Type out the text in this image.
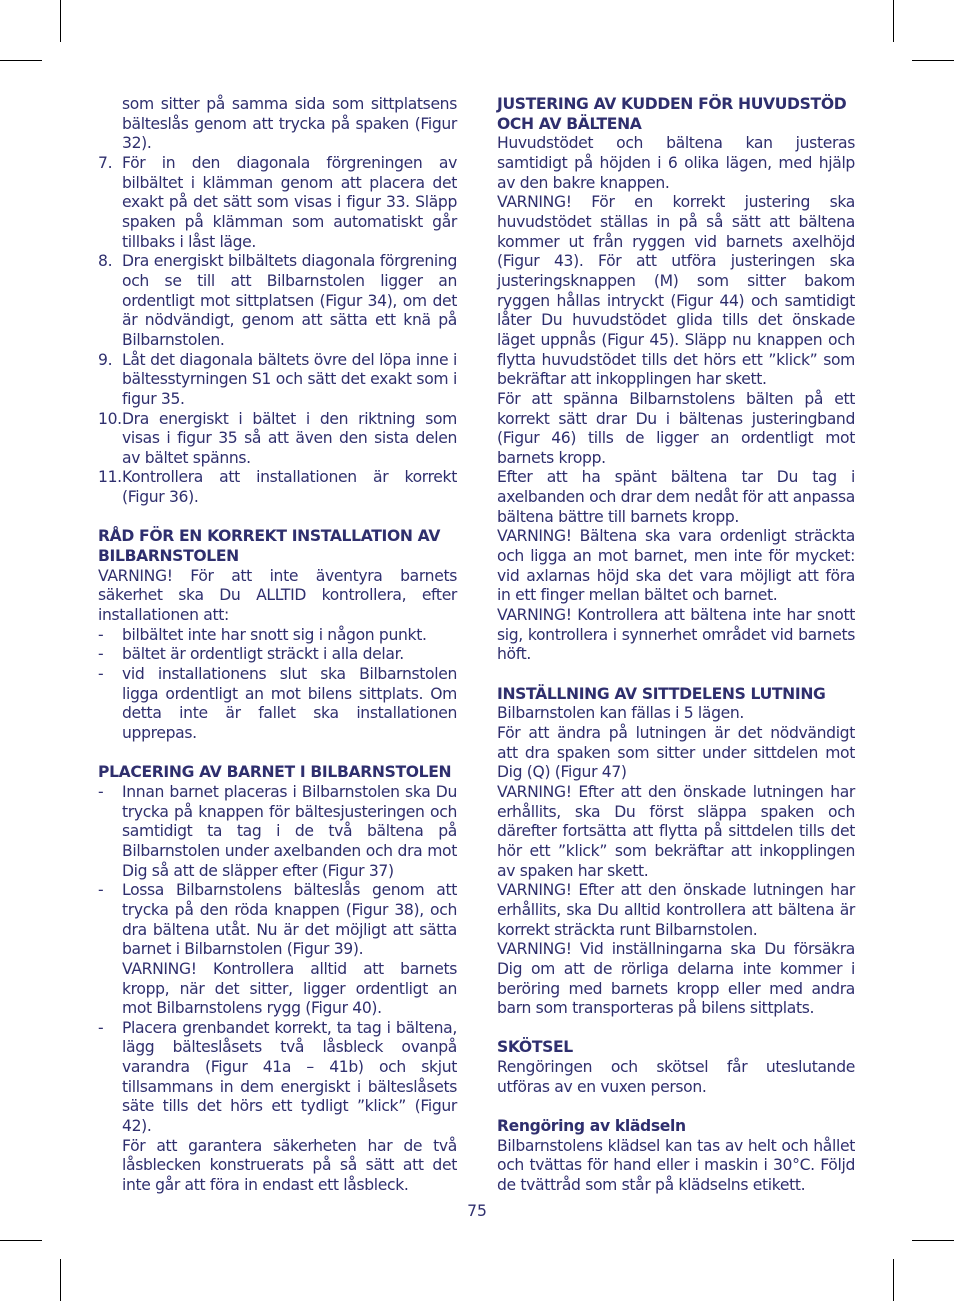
som sitter på samma sida som sittplatsens bälteslås genom att trycka på spaken (Figur 32).

7. För in den diagonala förgreningen av bilbältet i klämman genom att placera det exakt på det sätt som visas i figur 33. Släpp spaken på klämman som automatiskt går tillbaks i låst läge.
8. Dra energiskt bilbältets diagonala förgrening och se till att Bilbarnstolen ligger an ordentligt mot sittplatsen (Figur 34), om det är nödvändigt, genom att sätta ett knä på Bilbarnstolen.
9. Låt det diagonala bältets övre del löpa inne i bältesstyrningen S1 och sätt det exakt som i figur 35.
10. Dra energiskt i bältet i den riktning som visas i figur 35 så att även den sista delen av bältet spänns.
11. Kontrollera att installationen är korrekt (Figur 36).

RÅD FÖR EN KORREKT INSTALLATION AV BILBARNSTOLEN

VARNING! För att inte äventyra barnets säkerhet ska Du ALLTID kontrollera, efter installationen att:

-	bilbältet inte har snott sig i någon punkt.
-	bältet är ordentligt sträckt i alla delar.
-	vid installationens slut ska Bilbarnstolen ligga ordentligt an mot bilens sittplats. Om detta inte är fallet ska installationen upprepas.

PLACERING AV BARNET I BILBARNSTOLEN

-	Innan barnet placeras i Bilbarnstolen ska Du trycka på knappen för bältesjusteringen och samtidigt ta tag i de två bältena på Bilbarnstolen under axelbanden och dra mot Dig så att de släpper efter (Figur 37)
-	Lossa Bilbarnstolens bälteslås genom att trycka på den röda knappen (Figur 38), och dra bältena utåt. Nu är det möjligt att sätta barnet i Bilbarnstolen (Figur 39).
VARNING! Kontrollera alltid att barnets kropp, när det sitter, ligger ordentligt an mot Bilbarnstolens rygg (Figur 40).
-	Placera grenbandet korrekt, ta tag i bältena, lägg bälteslåsets två låsbleck ovanpå varandra (Figur 41a – 41b) och skjut tillsammans in dem energiskt i bälteslåsets säte tills det hörs ett tydligt ”klick” (Figur 42).
För att garantera säkerheten har de två låsblecken konstruerats på så sätt att det inte går att föra in endast ett låsbleck.

JUSTERING AV KUDDEN FÖR HUVUDSTÖD OCH AV BÄLTENA

Huvudstödet och bältena kan justeras samtidigt på höjden i 6 olika lägen, med hjälp av den bakre knappen.

VARNING! För en korrekt justering ska huvudstödet ställas in på så sätt att bältena kommer ut från ryggen vid barnets axelhöjd (Figur 43). För att utföra justeringen ska justeringsknappen (M) som sitter bakom ryggen hållas intryckt (Figur 44) och samtidigt låter Du huvudstödet glida tills det önskade läget uppnås (Figur 45). Släpp nu knappen och flytta huvudstödet tills det hörs ett ”klick” som bekräftar att inkopplingen har skett.

För att spänna Bilbarnstolens bälten på ett korrekt sätt drar Du i bältenas justeringband (Figur 46) tills de ligger an ordentligt mot barnets kropp.

Efter att ha spänt bältena tar Du tag i axelbanden och drar dem nedåt för att anpassa bältena bättre till barnets kropp.

VARNING! Bältena ska vara ordenligt sträckta och ligga an mot barnet, men inte för mycket: vid axlarnas höjd ska det vara möjligt att föra in ett finger mellan bältet och barnet.

VARNING! Kontrollera att bältena inte har snott sig, kontrollera i synnerhet området vid barnets höft.

INSTÄLLNING AV SITTDELENS LUTNING

Bilbarnstolen kan fällas i 5 lägen.

För att ändra på lutningen är det nödvändigt att dra spaken som sitter under sittdelen mot Dig (Q) (Figur 47)

VARNING! Efter att den önskade lutningen har erhållits, ska Du först släppa spaken och därefter fortsätta att flytta på sittdelen tills det hör ett ”klick” som bekräftar att inkopplingen av spaken har skett.

VARNING! Efter att den önskade lutningen har erhållits, ska Du alltid kontrollera att bältena är korrekt sträckta runt Bilbarnstolen.

VARNING! Vid inställningarna ska Du försäkra Dig om att de rörliga delarna inte kommer i beröring med barnets kropp eller med andra barn som transporteras på bilens sittplats.

SKÖTSEL

Rengöringen och skötsel får uteslutande utföras av en vuxen person.

Rengöring av klädseln

Bilbarnstolens klädsel kan tas av helt och hållet och tvättas för hand eller i maskin i 30°C. Följd de tvättråd som står på klädselns etikett.

75
